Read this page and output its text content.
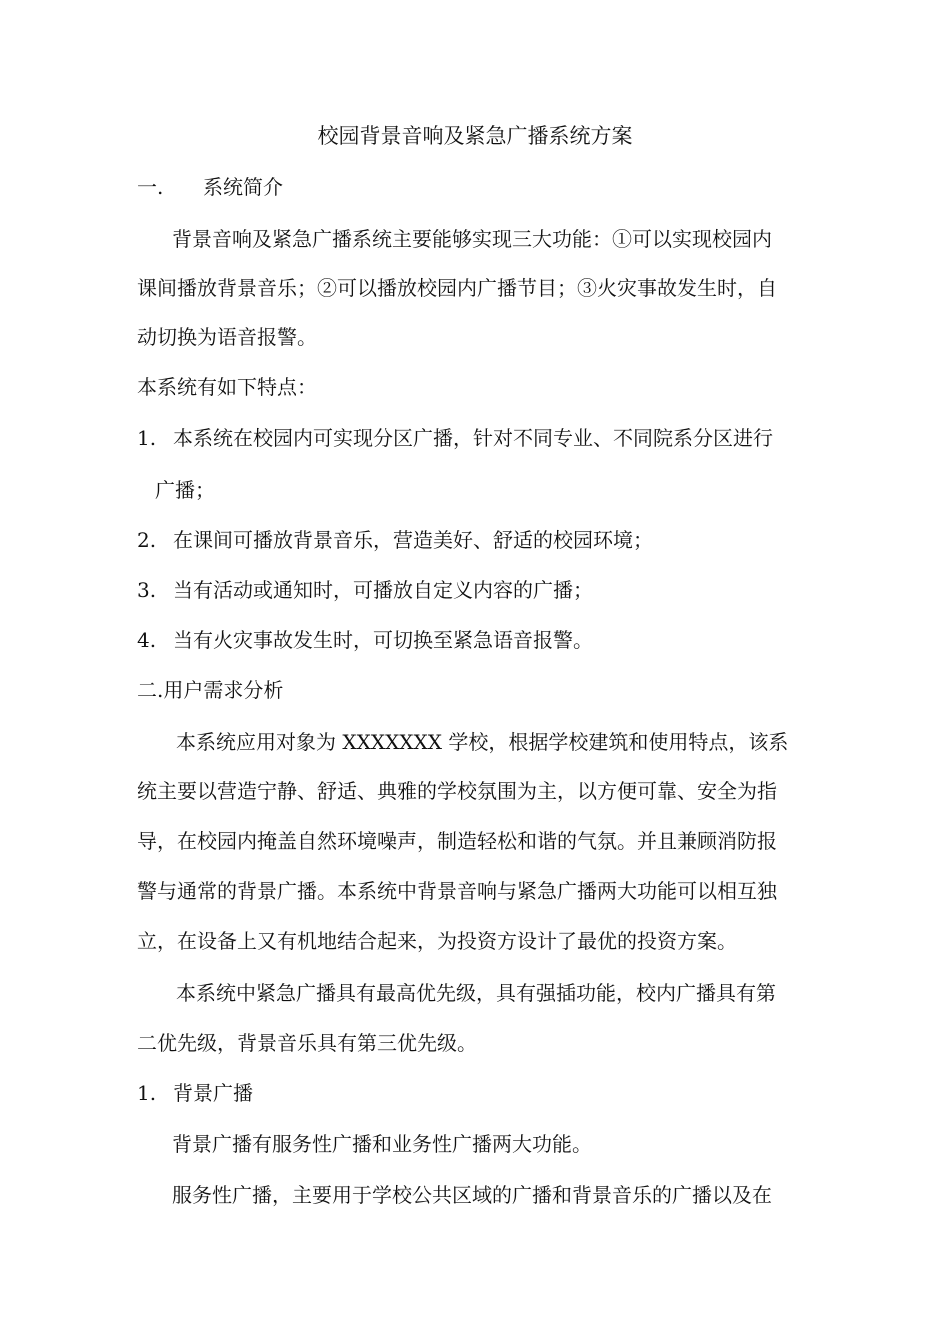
校园背景音响及紧急广播系统方案
一. 系统简介
背景音响及紧急广播系统主要能够实现三大功能：①可以实现校园内
课间播放背景音乐；②可以播放校园内广播节目；③火灾事故发生时，自
动切换为语音报警。
本系统有如下特点：
1. 本系统在校园内可实现分区广播，针对不同专业、不同院系分区进行
广播；
2. 在课间可播放背景音乐，营造美好、舒适的校园环境；
3. 当有活动或通知时，可播放自定义内容的广播；
4. 当有火灾事故发生时，可切换至紧急语音报警。
二.用户需求分析
本系统应用对象为 XXXXXXX 学校，根据学校建筑和使用特点，该系
统主要以营造宁静、舒适、典雅的学校氛围为主，以方便可靠、安全为指
导，在校园内掩盖自然环境噪声，制造轻松和谐的气氛。并且兼顾消防报
警与通常的背景广播。本系统中背景音响与紧急广播两大功能可以相互独
立，在设备上又有机地结合起来，为投资方设计了最优的投资方案。
本系统中紧急广播具有最高优先级，具有强插功能，校内广播具有第
二优先级，背景音乐具有第三优先级。
1. 背景广播
背景广播有服务性广播和业务性广播两大功能。
服务性广播，主要用于学校公共区域的广播和背景音乐的广播以及在
